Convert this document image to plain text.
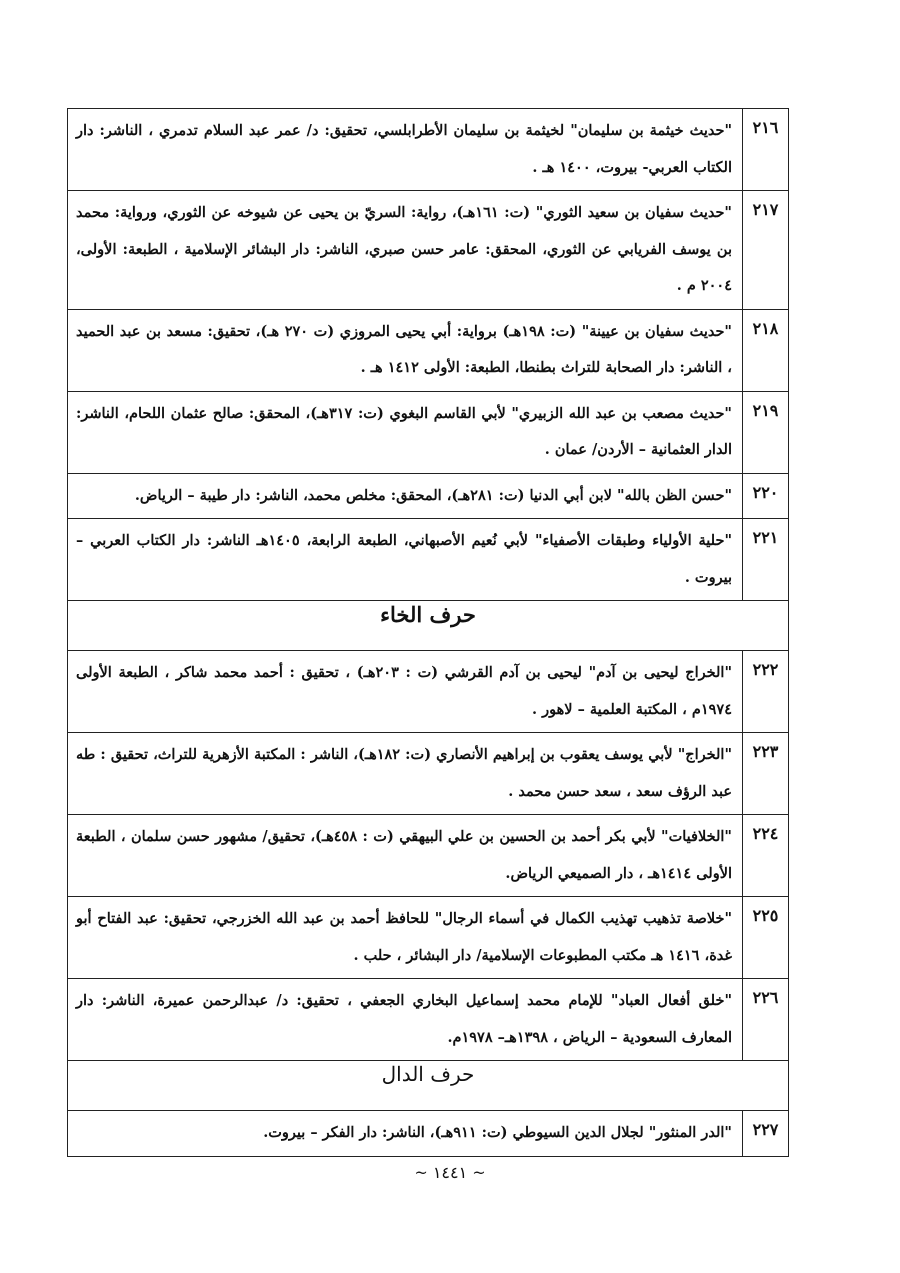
٢١٦	"حديث خيثمة بن سليمان" لخيثمة بن سليمان الأطرابلسي، تحقيق: د/ عمر عبد السلام تدمري ، الناشر: دار الكتاب العربي- بيروت، ١٤٠٠ هـ .
٢١٧	"حديث سفيان بن سعيد الثوري" (ت: ١٦١هـ)، رواية: السريّ بن يحيى عن شيوخه عن الثوري، ورواية: محمد بن يوسف الفريابي عن الثوري، المحقق: عامر حسن صبري، الناشر: دار البشائر الإسلامية ، الطبعة: الأولى، ٢٠٠٤ م .
٢١٨	"حديث سفيان بن عيينة" (ت: ١٩٨هـ) برواية: أبي يحيى المروزي (ت ٢٧٠ هـ)، تحقيق: مسعد بن عبد الحميد ، الناشر: دار الصحابة للتراث بطنطا، الطبعة: الأولى ١٤١٢ هـ .
٢١٩	"حديث مصعب بن عبد الله الزبيري" لأبي القاسم البغوي (ت: ٣١٧هـ)، المحقق: صالح عثمان اللحام، الناشر: الدار العثمانية – الأردن/ عمان .
٢٢٠	"حسن الظن بالله" لابن أبي الدنيا (ت: ٢٨١هـ)، المحقق: مخلص محمد، الناشر: دار طيبة – الرياض.
٢٢١	"حلية الأولياء وطبقات الأصفياء" لأبي نُعيم الأصبهاني، الطبعة الرابعة، ١٤٠٥هـ الناشر: دار الكتاب العربي – بيروت .
حرف الخاء	
٢٢٢	"الخراج ليحيى بن آدم" ليحيى بن آدم القرشي (ت : ٢٠٣هـ) ، تحقيق : أحمد محمد شاكر ، الطبعة الأولى ١٩٧٤م ، المكتبة العلمية – لاهور .
٢٢٣	"الخراج" لأبي يوسف يعقوب بن إبراهيم الأنصاري (ت: ١٨٢هـ)، الناشر : المكتبة الأزهرية للتراث، تحقيق : طه عبد الرؤف سعد ، سعد حسن محمد .
٢٢٤	"الخلافيات" لأبي بكر أحمد بن الحسين بن علي البيهقي (ت : ٤٥٨هـ)، تحقيق/ مشهور حسن سلمان ، الطبعة الأولى ١٤١٤هـ ، دار الصميعي الرياض.
٢٢٥	"خلاصة تذهيب تهذيب الكمال في أسماء الرجال" للحافظ أحمد بن عبد الله الخزرجي، تحقيق: عبد الفتاح أبو غدة، ١٤١٦ هـ مكتب المطبوعات الإسلامية/ دار البشائر ، حلب .
٢٢٦	"خلق أفعال العباد" للإمام محمد إسماعيل البخاري الجعفي ، تحقيق: د/ عبدالرحمن عميرة، الناشر: دار المعارف السعودية – الرياض ، ١٣٩٨هـ– ١٩٧٨م.
حرف الدال	
٢٢٧	"الدر المنثور" لجلال الدين السيوطي (ت: ٩١١هـ)، الناشر: دار الفكر – بيروت.
~ ١٤٤١ ~
